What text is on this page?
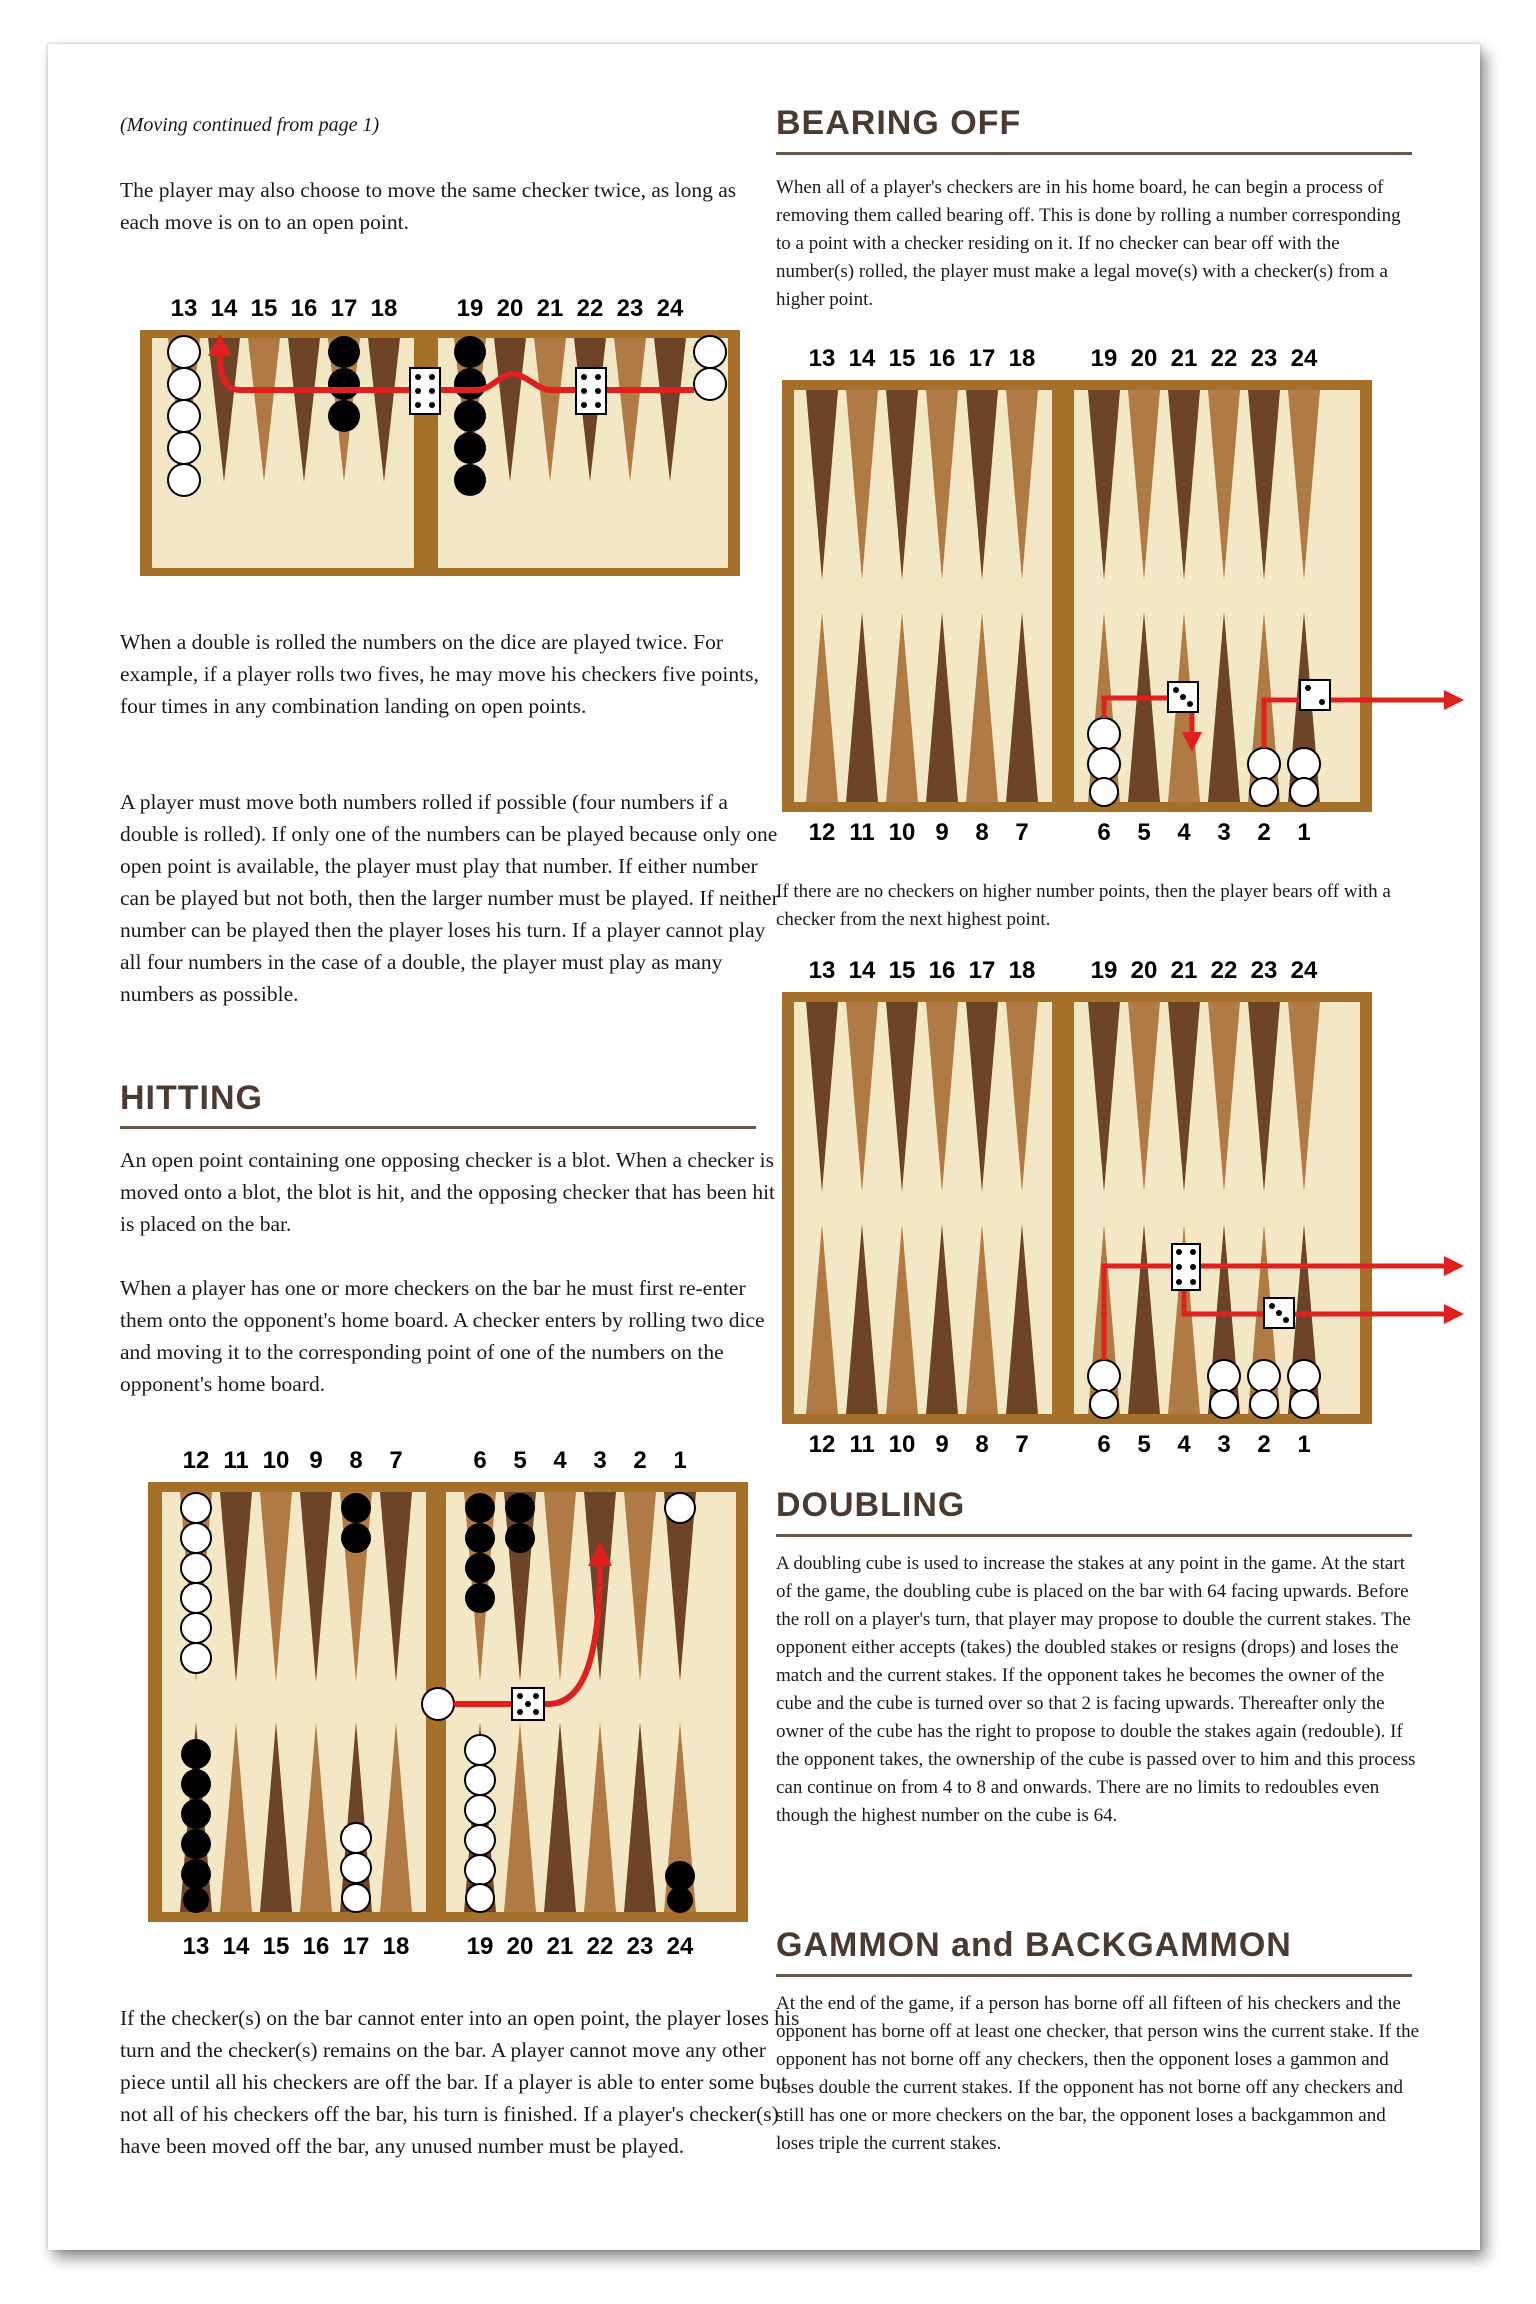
(Moving continued from page 1)

The player may also choose to move the same checker twice, as long as each move is on to an open point.

13 14 15 16 17 18 19 20 21 22 23 24

When a double is rolled the numbers on the dice are played twice. For example, if a player rolls two fives, he may move his checkers five points, four times in any combination landing on open points.

A player must move both numbers rolled if possible (four numbers if a double is rolled). If only one of the numbers can be played because only one open point is available, the player must play that number. If either number can be played but not both, then the larger number must be played. If neither number can be played then the player loses his turn. If a player cannot play all four numbers in the case of a double, the player must play as many numbers as possible.

HITTING

An open point containing one opposing checker is a blot. When a checker is moved onto a blot, the blot is hit, and the opposing checker that has been hit is placed on the bar.

When a player has one or more checkers on the bar he must first re-enter them onto the opponent's home board. A checker enters by rolling two dice and moving it to the corresponding point of one of the numbers on the opponent's home board.

12 11 10 9 8 7	6 5 4 3 2 1
13 14 15 16 17 18 19 20 21 22 23 24

If the checker(s) on the bar cannot enter into an open point, the player loses his turn and the checker(s) remains on the bar. A player cannot move any other piece until all his checkers are off the bar. If a player is able to enter some but not all of his checkers off the bar, his turn is finished. If a player's checker(s) have been moved off the bar, any unused number must be played.

BEARING OFF

When all of a player's checkers are in his home board, he can begin a process of removing them called bearing off. This is done by rolling a number corresponding to a point with a checker residing on it. If no checker can bear off with the number(s) rolled, the player must make a legal move(s) with a checker(s) from a higher point.

13 14 15 16 17 18 19 20 21 22 23 24
12 11 10 9 8 7	6 5 4 3 2 1

If there are no checkers on higher number points, then the player bears off with a checker from the next highest point.

13 14 15 16 17 18 19 20 21 22 23 24
12 11 10 9 8 7	6 5 4 3 2 1
DOUBLING

A doubling cube is used to increase the stakes at any point in the game. At the start of the game, the doubling cube is placed on the bar with 64 facing upwards. Before the roll on a player's turn, that player may propose to double the current stakes. The opponent either accepts (takes) the doubled stakes or resigns (drops) and loses the match and the current stakes. If the opponent takes he becomes the owner of the cube and the cube is turned over so that 2 is facing upwards. Thereafter only the owner of the cube has the right to propose to double the stakes again (redouble). If the opponent takes, the ownership of the cube is passed over to him and this process can continue on from 4 to 8 and onwards. There are no limits to redoubles even though the highest number on the cube is 64.

GAMMON and BACKGAMMON

At the end of the game, if a person has borne off all fifteen of his checkers and the opponent has borne off at least one checker, that person wins the current stake. If the opponent has not borne off any checkers, then the opponent loses a gammon and loses double the current stakes. If the opponent has not borne off any checkers and still has one or more checkers on the bar, the opponent loses a backgammon and loses triple the current stakes.
